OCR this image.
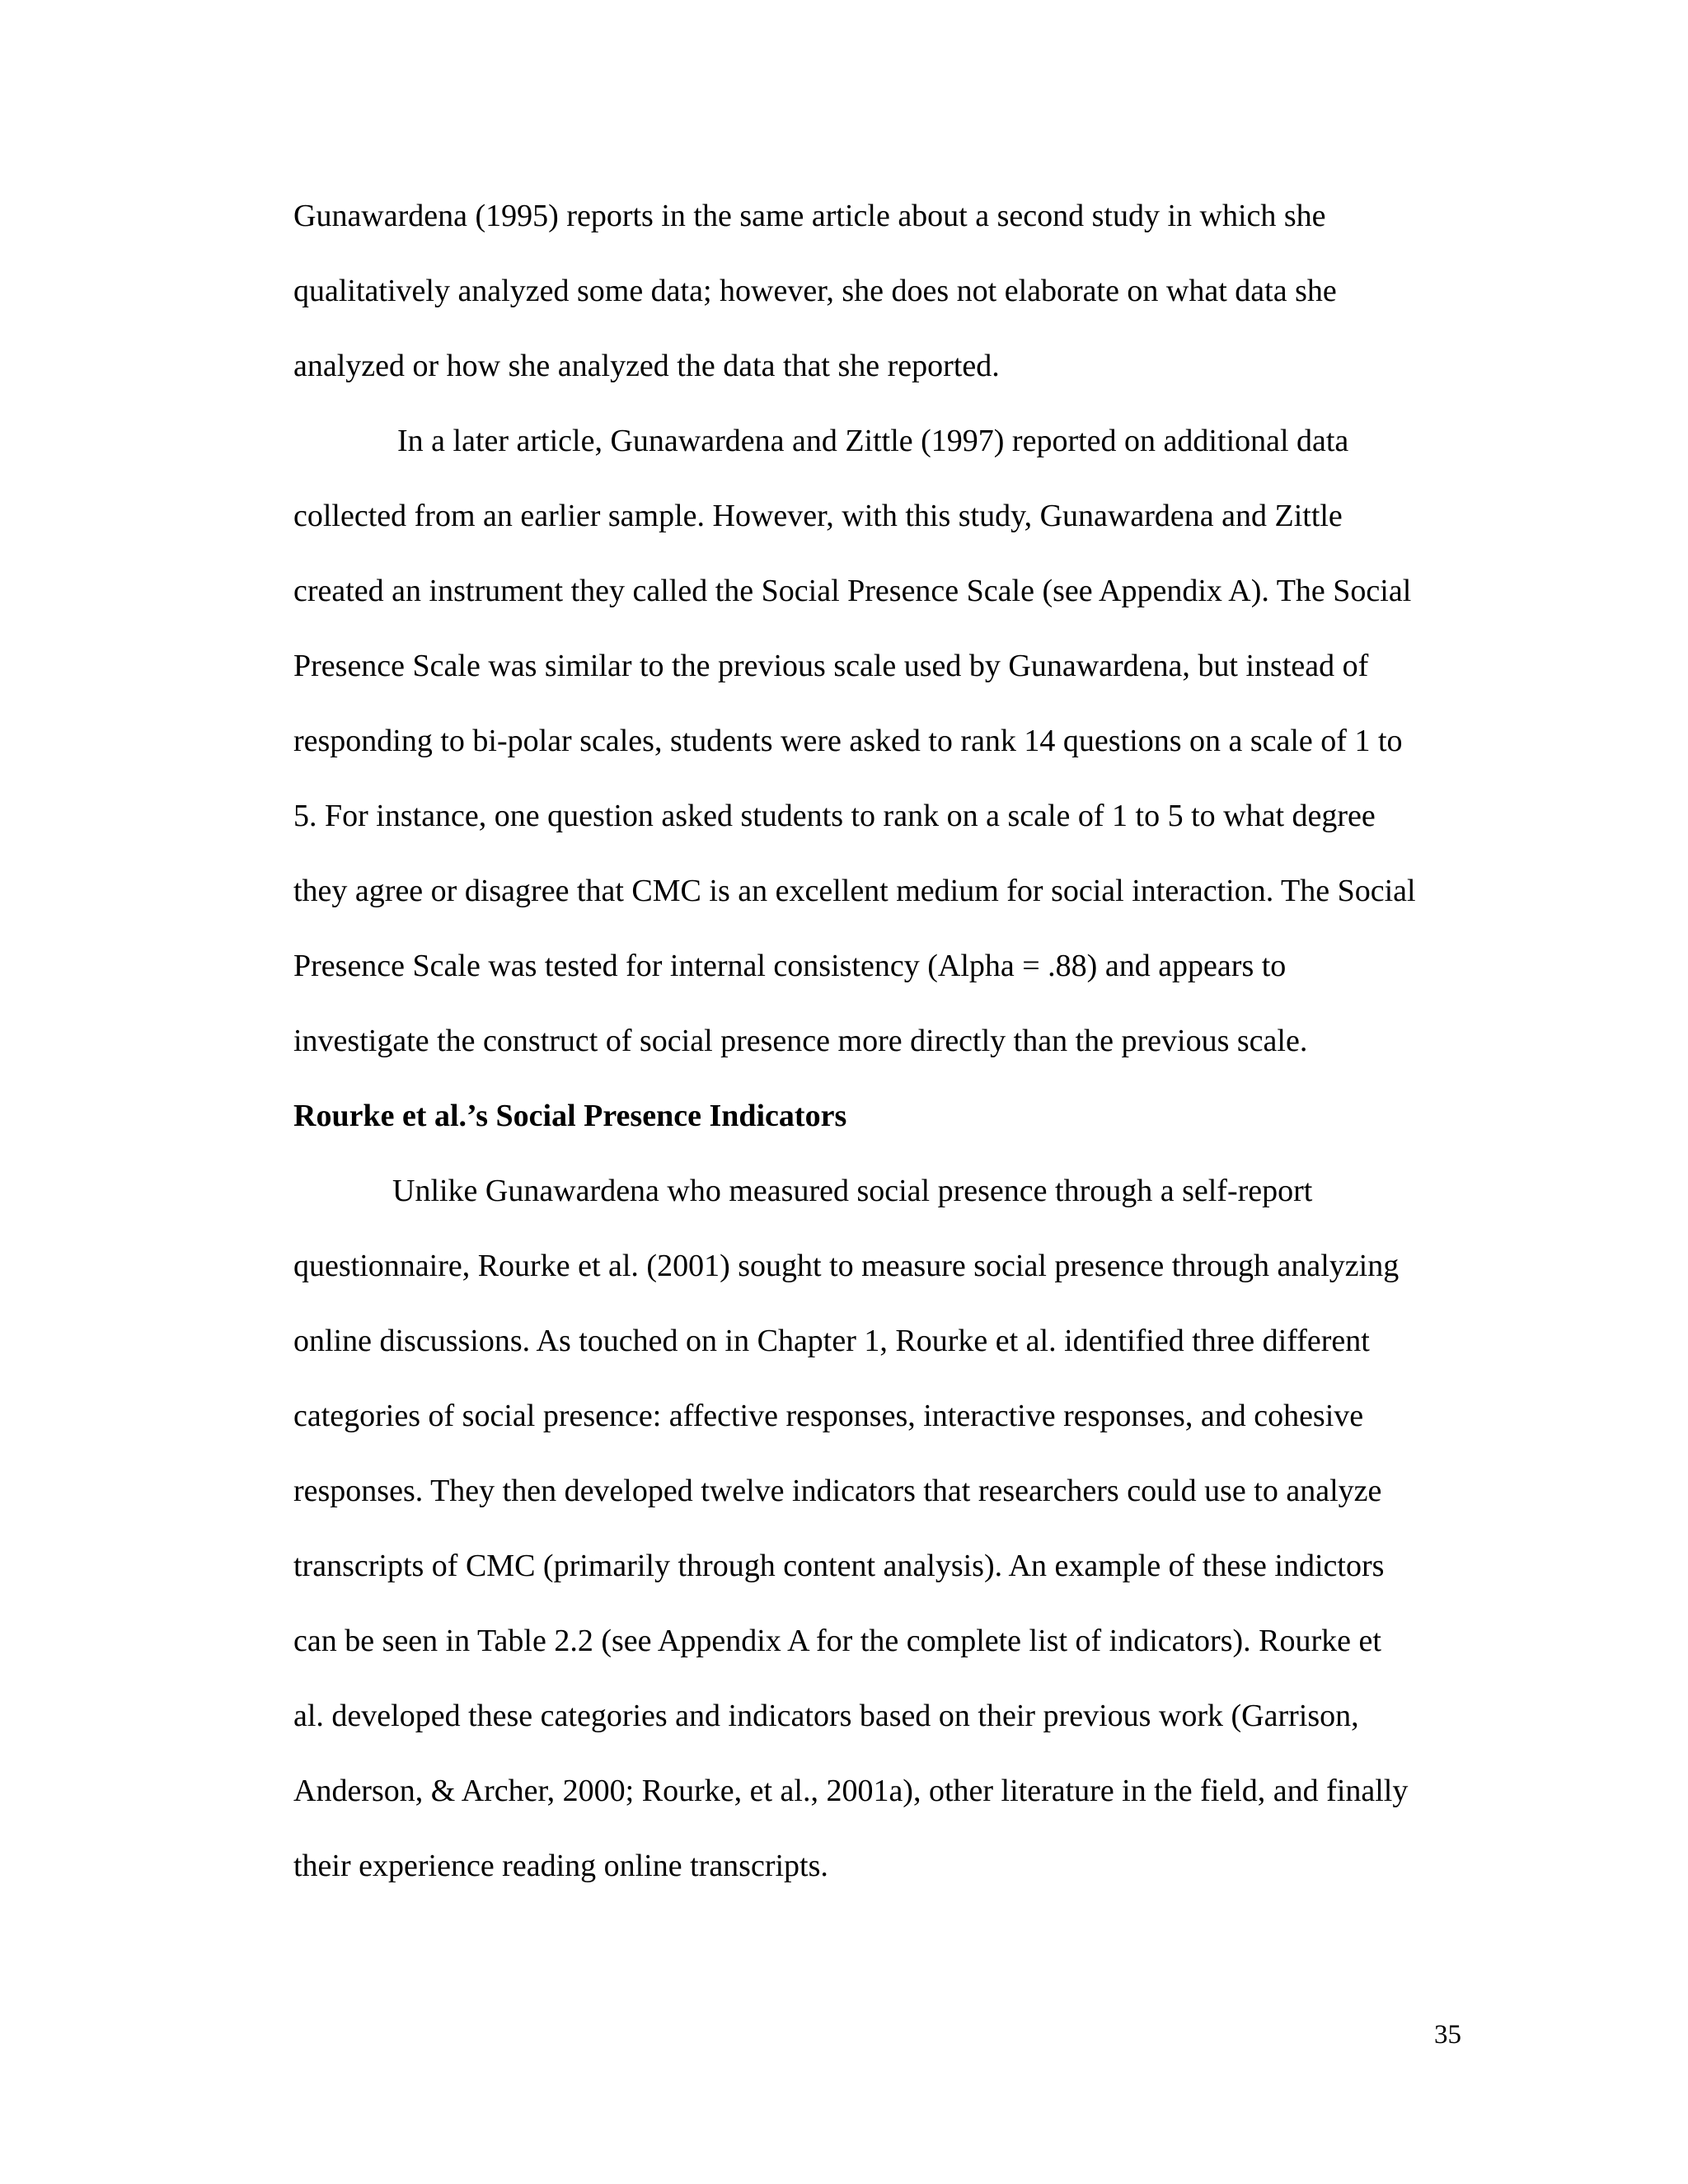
Gunawardena (1995) reports in the same article about a second study in which she

qualitatively analyzed some data; however, she does not elaborate on what data she

analyzed or how she analyzed the data that she reported.

In a later article, Gunawardena and Zittle (1997) reported on additional data

collected from an earlier sample. However, with this study, Gunawardena and Zittle

created an instrument they called the Social Presence Scale (see Appendix A). The Social

Presence Scale was similar to the previous scale used by Gunawardena, but instead of

responding to bi-polar scales, students were asked to rank 14 questions on a scale of 1 to

5. For instance, one question asked students to rank on a scale of 1 to 5 to what degree

they agree or disagree that CMC is an excellent medium for social interaction. The Social

Presence Scale was tested for internal consistency (Alpha = .88) and appears to

investigate the construct of social presence more directly than the previous scale.

Rourke et al.’s Social Presence Indicators

Unlike Gunawardena who measured social presence through a self-report

questionnaire, Rourke et al. (2001) sought to measure social presence through analyzing

online discussions. As touched on in Chapter 1, Rourke et al. identified three different

categories of social presence: affective responses, interactive responses, and cohesive

responses. They then developed twelve indicators that researchers could use to analyze

transcripts of CMC (primarily through content analysis). An example of these indictors

can be seen in Table 2.2 (see Appendix A for the complete list of indicators). Rourke et

al. developed these categories and indicators based on their previous work (Garrison,

Anderson, & Archer, 2000; Rourke, et al., 2001a), other literature in the field, and finally

their experience reading online transcripts.

35
